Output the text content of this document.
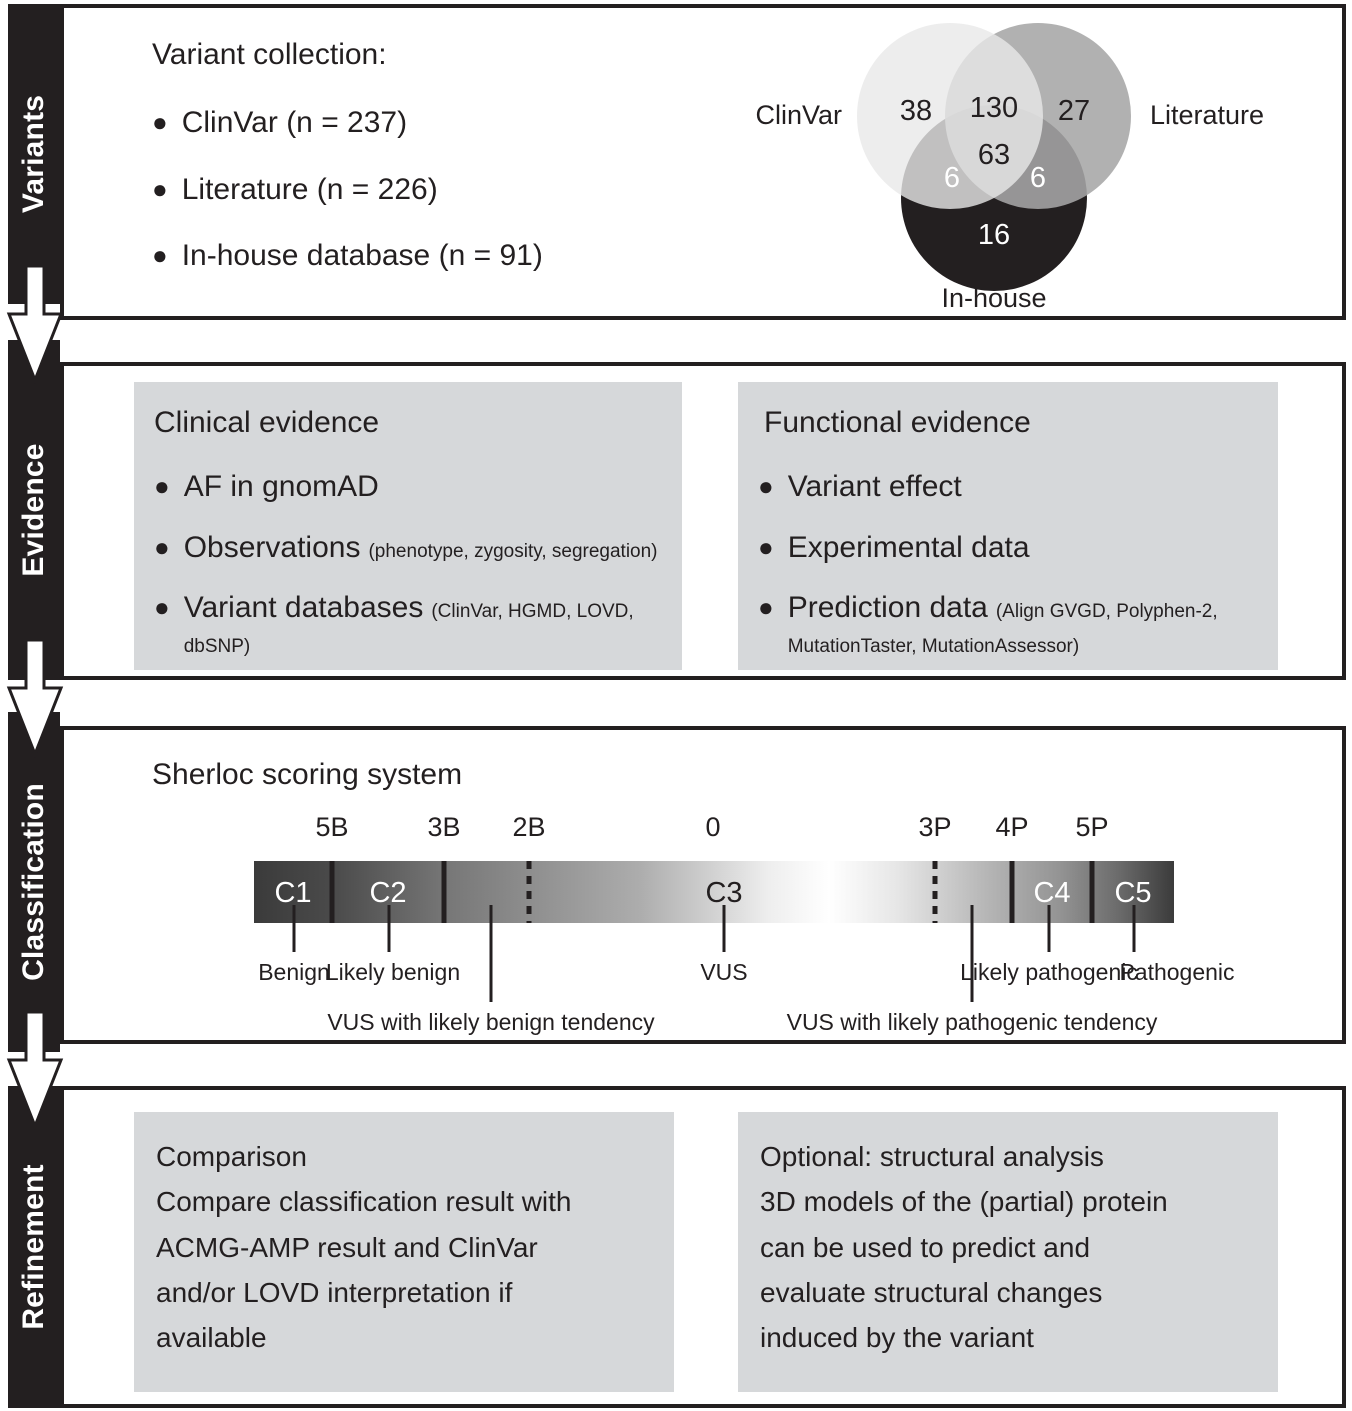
Variants
Evidence
Classification
Refinement
Variant collection:
● ClinVar (n = 237)
● Literature (n = 226)
● In-house database (n = 91)
ClinVar	Literature
In-house
38 130 27
63
6 6
16
Clinical evidence
● AF in gnomAD
● Observations (phenotype, zygosity, segregation)
● Variant databases (ClinVar, HGMD, LOVD, dbSNP)
Functional evidence
● Variant effect
● Experimental data
● Prediction data (Align GVGD, Polyphen-2, MutationTaster, MutationAssessor)
Sherloc scoring system
5B	3B 2B	0	3P 4P 5P
C1 C2	C3	C4 C5
Benign
Likely benign
VUS with likely benign tendency
VUS
VUS with likely pathogenic tendency
Likely pathogenic
Pathogenic
Comparison
Compare classification result with
ACMG-AMP result and ClinVar
and/or LOVD interpretation if
available
Optional: structural analysis
3D models of the (partial) protein
can be used to predict and
evaluate structural changes
induced by the variant
